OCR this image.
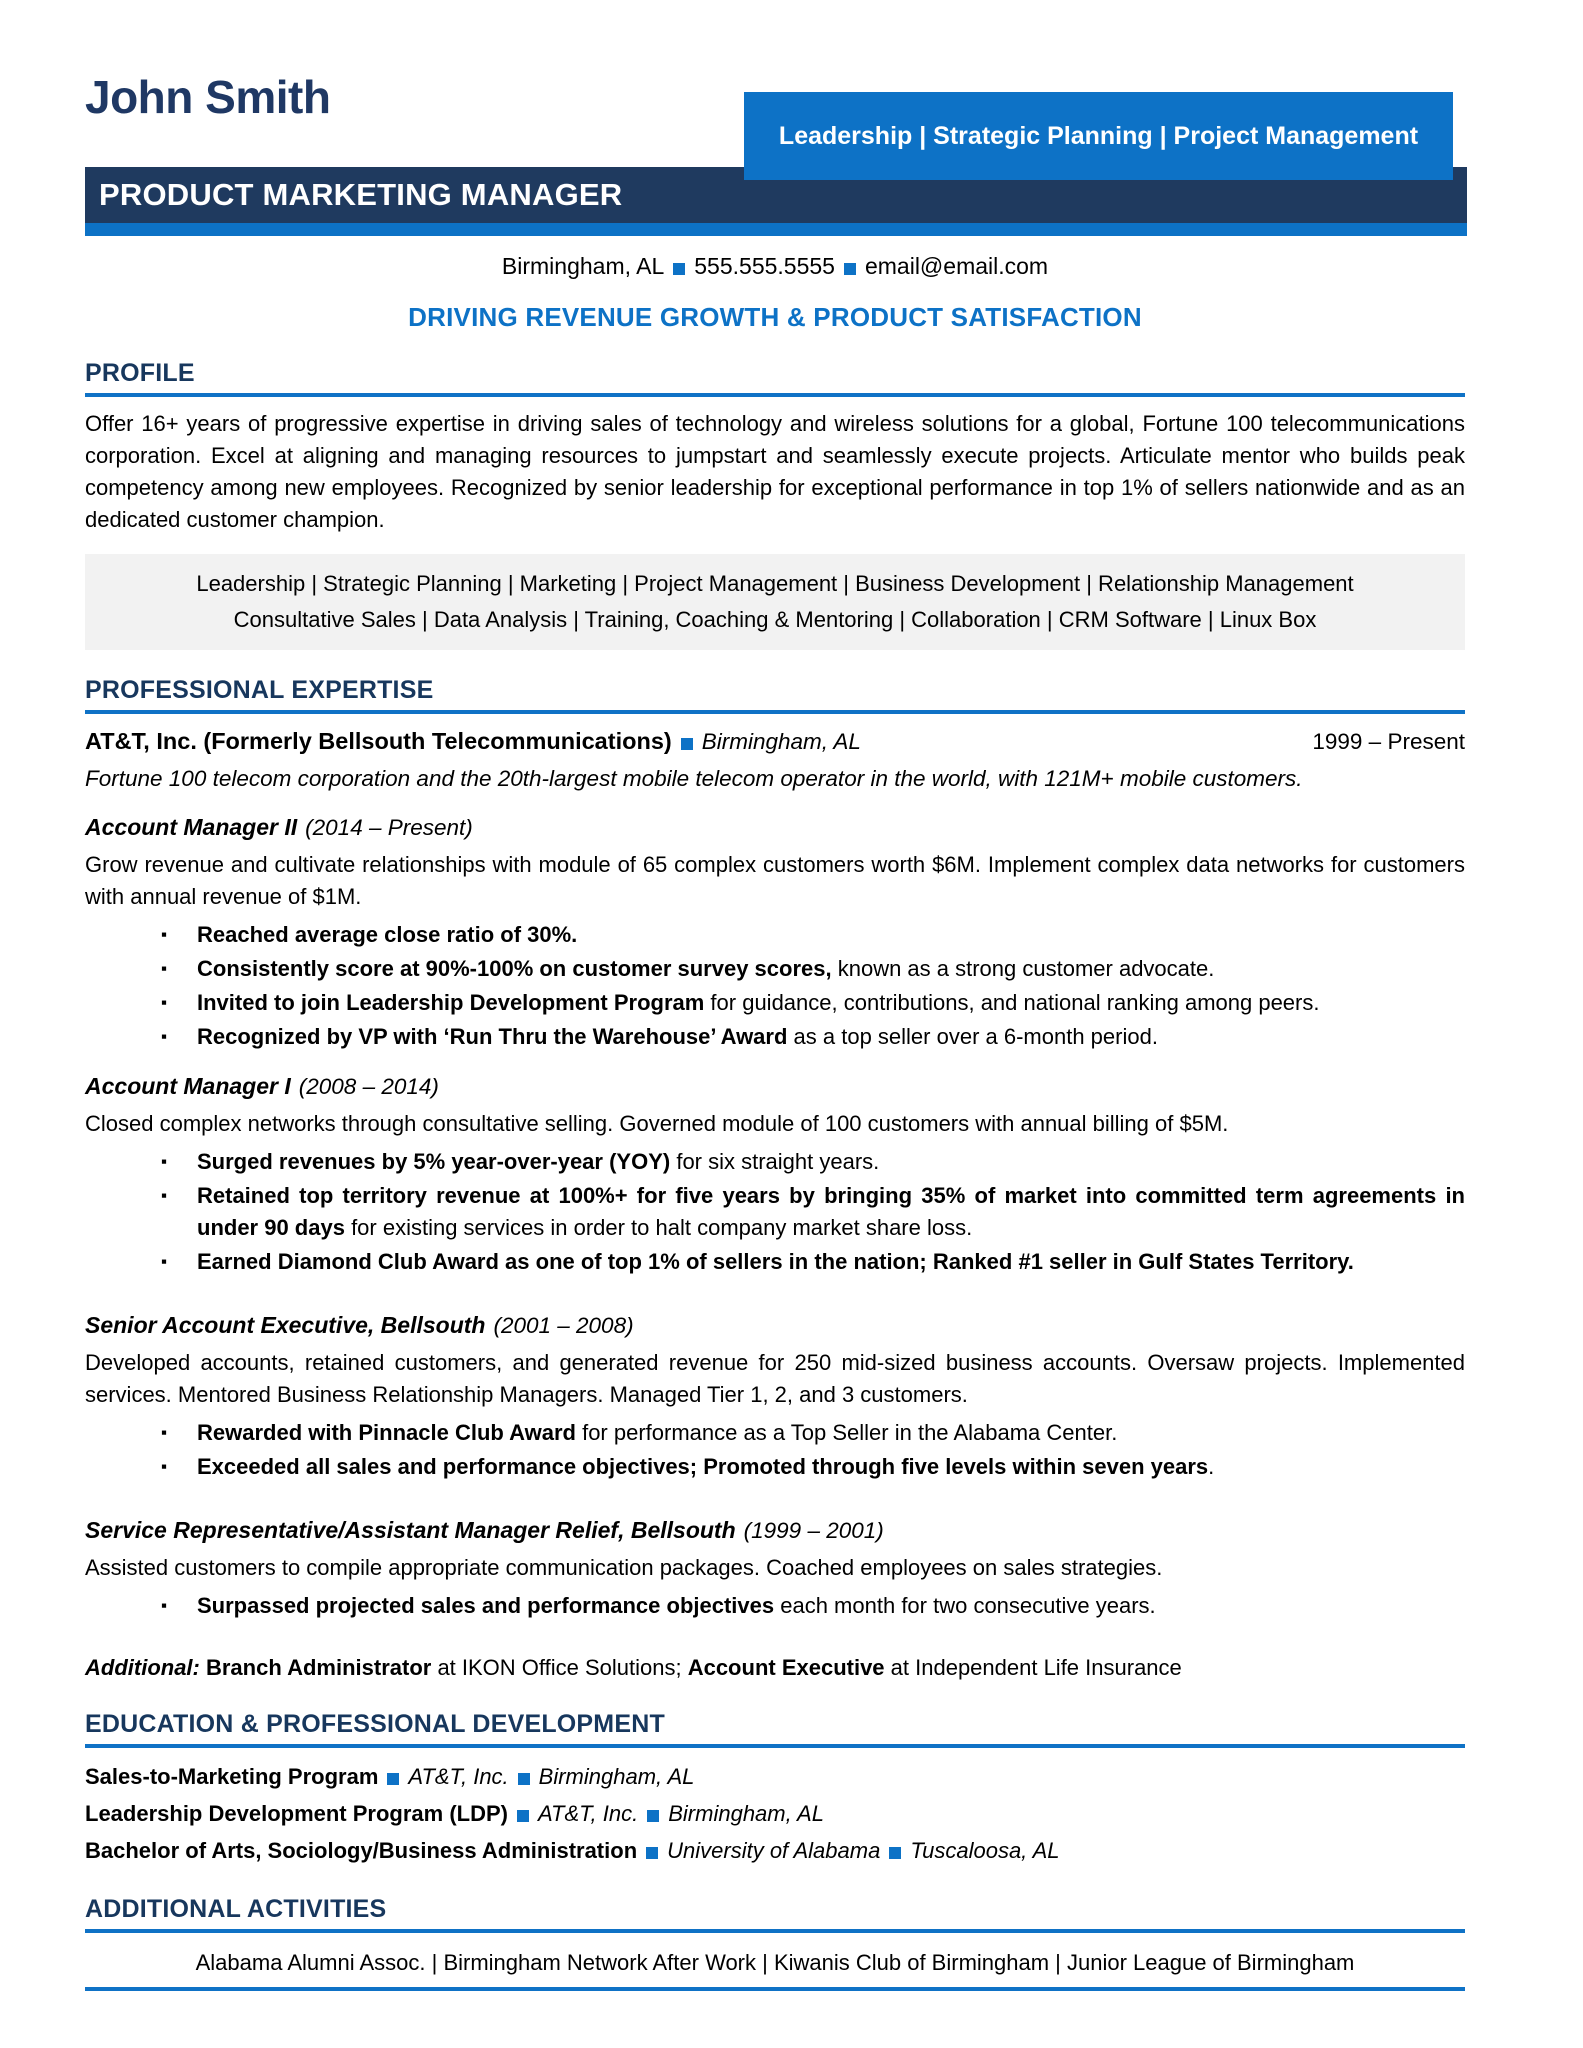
John Smith
Leadership | Strategic Planning | Project Management
PRODUCT MARKETING MANAGER
Birmingham, AL 555.555.5555 email@email.com
DRIVING REVENUE GROWTH & PRODUCT SATISFACTION
PROFILE

Offer 16+ years of progressive expertise in driving sales of technology and wireless solutions for a global, Fortune 100 telecommunications corporation. Excel at aligning and managing resources to jumpstart and seamlessly execute projects. Articulate mentor who builds peak competency among new employees. Recognized by senior leadership for exceptional performance in top 1% of sellers nationwide and as an dedicated customer champion.

Leadership | Strategic Planning | Marketing | Project Management | Business Development | Relationship Management
Consultative Sales | Data Analysis | Training, Coaching & Mentoring | Collaboration | CRM Software | Linux Box
PROFESSIONAL EXPERTISE
AT&T, Inc. (Formerly Bellsouth Telecommunications) Birmingham, AL	1999 – Present

Fortune 100 telecom corporation and the 20th-largest mobile telecom operator in the world, with 121M+ mobile customers.

Account Manager II (2014 – Present)

Grow revenue and cultivate relationships with module of 65 complex customers worth $6M. Implement complex data networks for customers with annual revenue of $1M.

▪ Reached average close ratio of 30%.
▪ Consistently score at 90%-100% on customer survey scores, known as a strong customer advocate.
▪ Invited to join Leadership Development Program for guidance, contributions, and national ranking among peers.
▪ Recognized by VP with ‘Run Thru the Warehouse’ Award as a top seller over a 6-month period.
Account Manager I (2008 – 2014)

Closed complex networks through consultative selling. Governed module of 100 customers with annual billing of $5M.

▪ Surged revenues by 5% year-over-year (YOY) for six straight years.
▪ Retained top territory revenue at 100%+ for five years by bringing 35% of market into committed term agreements in under 90 days for existing services in order to halt company market share loss.
▪ Earned Diamond Club Award as one of top 1% of sellers in the nation; Ranked #1 seller in Gulf States Territory.
Senior Account Executive, Bellsouth (2001 – 2008)

Developed accounts, retained customers, and generated revenue for 250 mid-sized business accounts. Oversaw projects. Implemented services. Mentored Business Relationship Managers. Managed Tier 1, 2, and 3 customers.

▪ Rewarded with Pinnacle Club Award for performance as a Top Seller in the Alabama Center.
▪ Exceeded all sales and performance objectives; Promoted through five levels within seven years.
Service Representative/Assistant Manager Relief, Bellsouth (1999 – 2001)

Assisted customers to compile appropriate communication packages. Coached employees on sales strategies.

▪ Surpassed projected sales and performance objectives each month for two consecutive years.

Additional: Branch Administrator at IKON Office Solutions; Account Executive at Independent Life Insurance

EDUCATION & PROFESSIONAL DEVELOPMENT
Sales-to-Marketing Program AT&T, Inc. Birmingham, AL
Leadership Development Program (LDP) AT&T, Inc. Birmingham, AL
Bachelor of Arts, Sociology/Business Administration University of Alabama Tuscaloosa, AL
ADDITIONAL ACTIVITIES
Alabama Alumni Assoc. | Birmingham Network After Work | Kiwanis Club of Birmingham | Junior League of Birmingham
